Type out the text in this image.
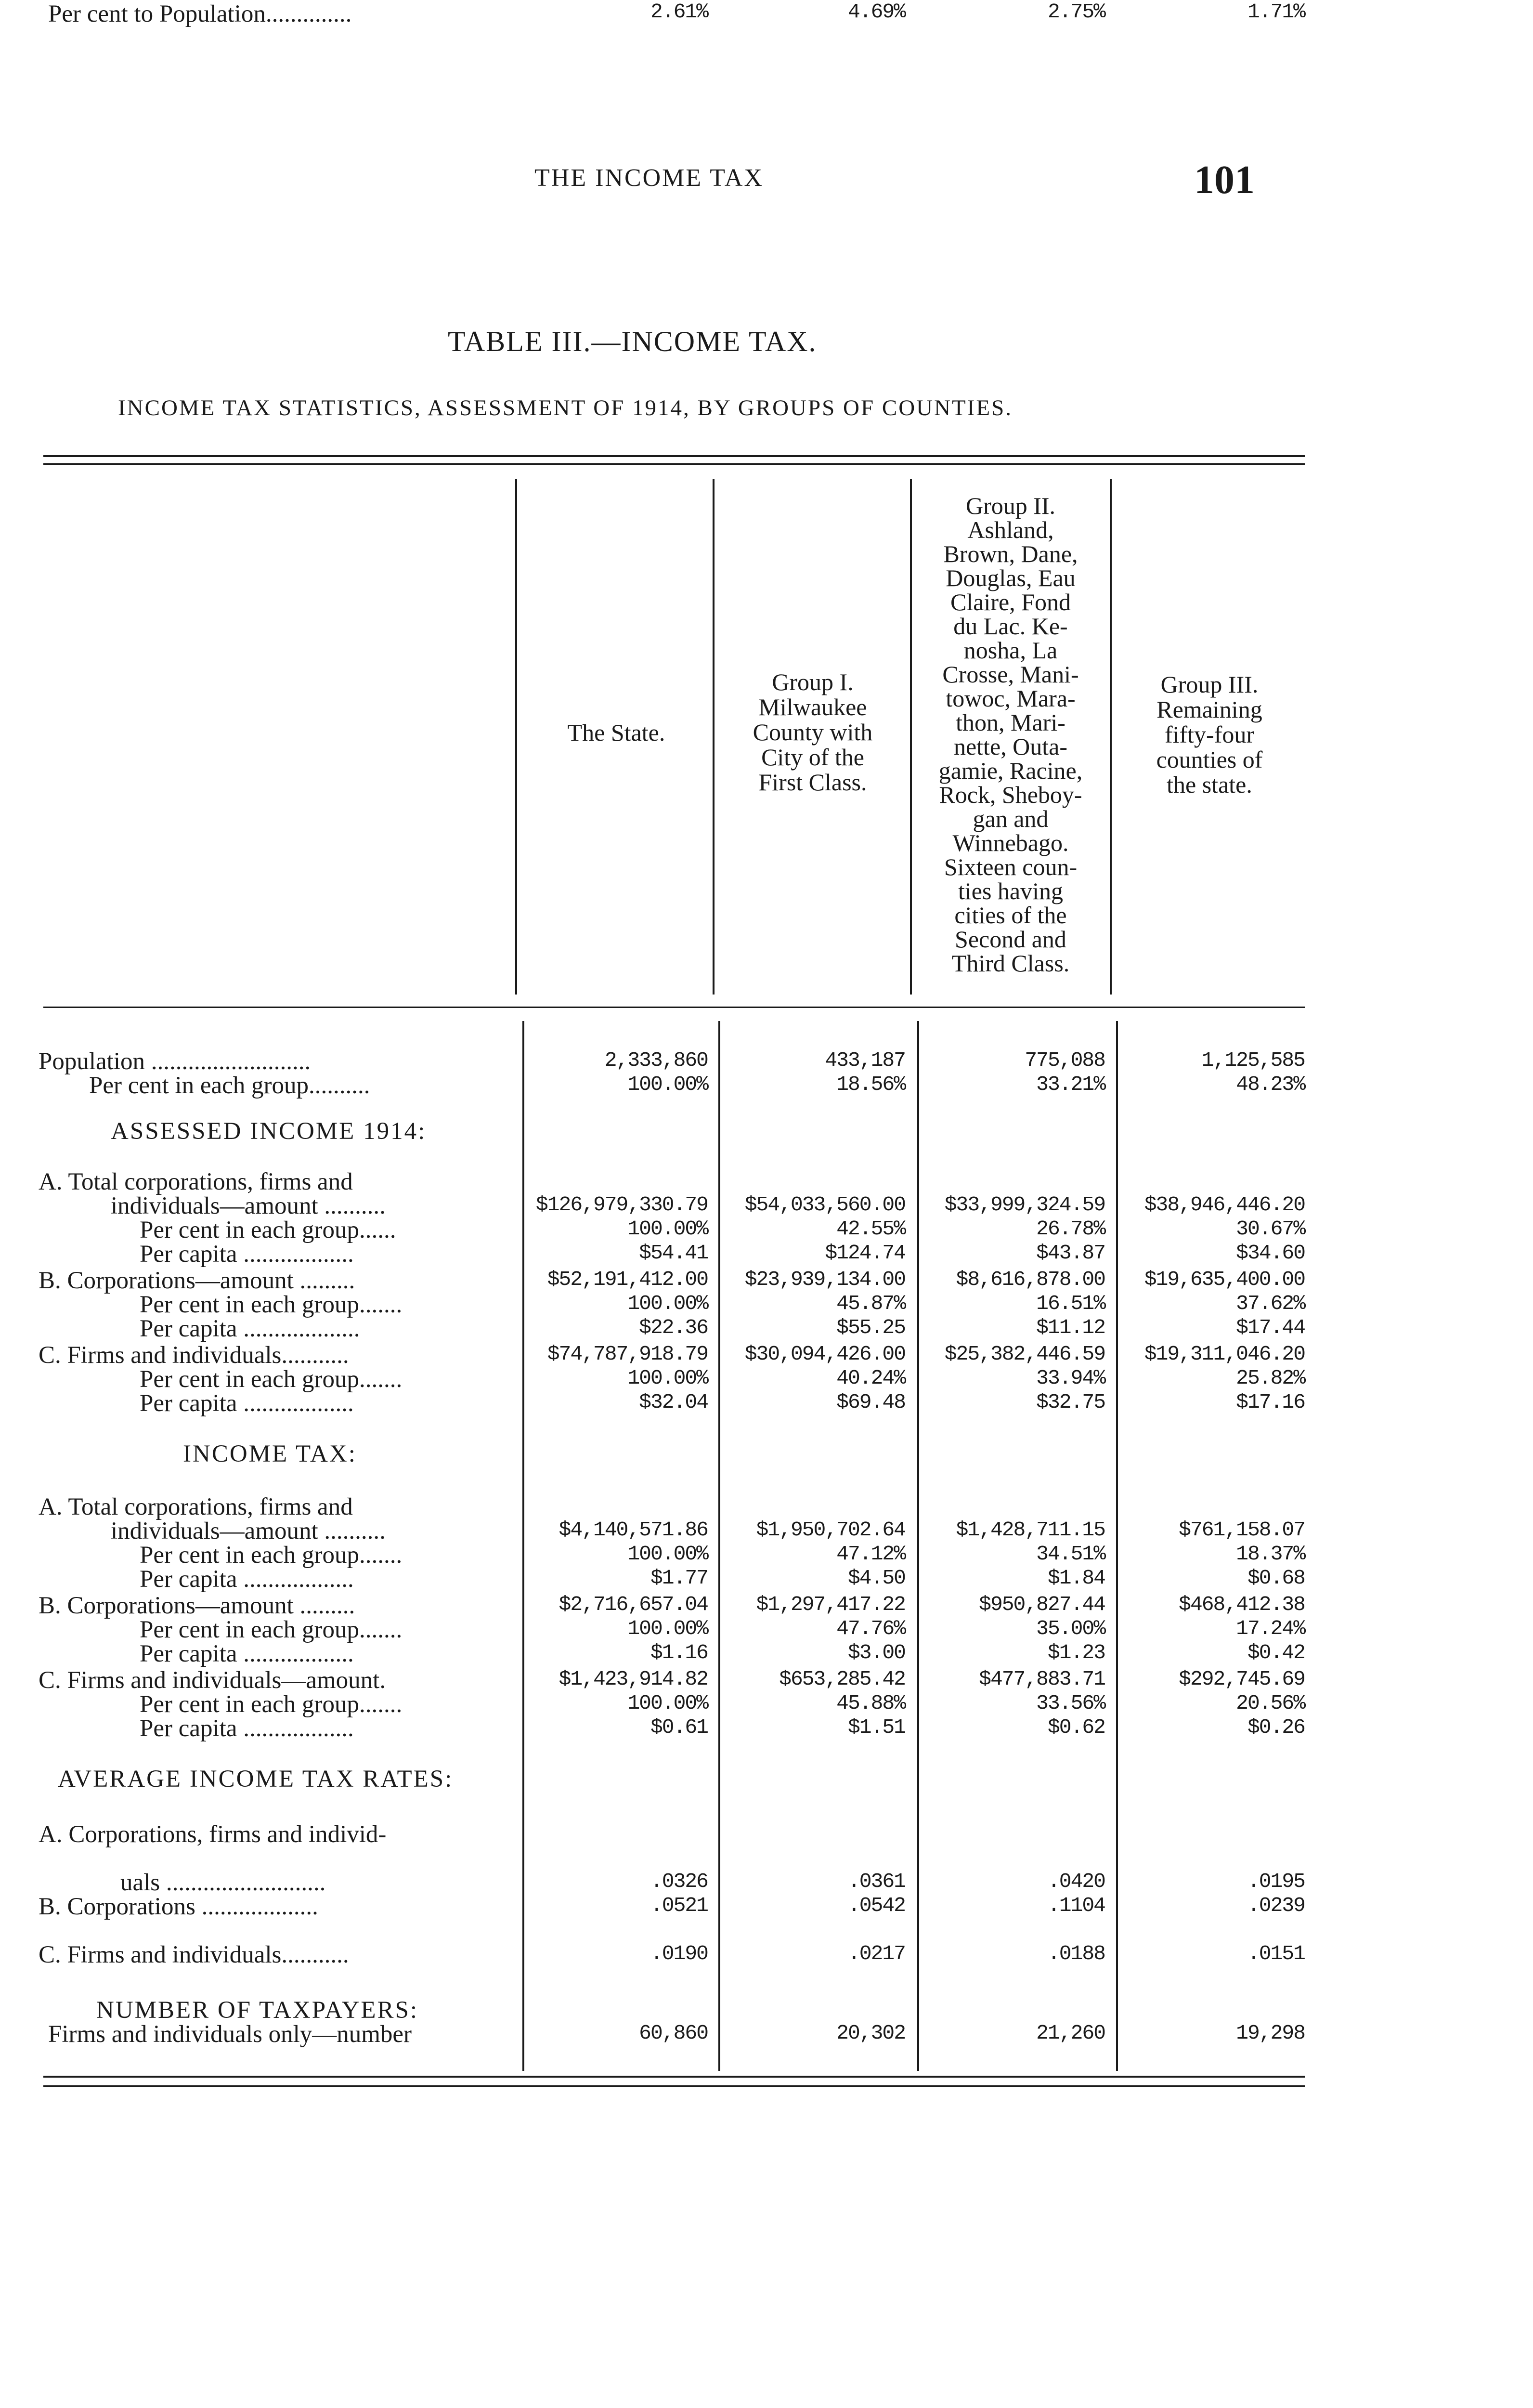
THE INCOME TAX	101
TABLE III.—INCOME TAX.
INCOME TAX STATISTICS, ASSESSMENT OF 1914, BY GROUPS OF COUNTIES.
The State.
Group I.
Milwaukee
County with
City of the
First Class.
Group II.
Ashland,
Brown, Dane,
Douglas, Eau
Claire, Fond
du Lac. Ke-
nosha, La
Crosse, Mani-
towoc, Mara-
thon, Mari-
nette, Outa-
gamie, Racine,
Rock, Sheboy-
gan and
Winnebago.
Sixteen coun-
ties having
cities of the
Second and
Third Class.
Group III.
Remaining
fifty-four
counties of
the state.
Population ..........................	2,333,860	433,187	775,088	1,125,585
Per cent in each group..........	100.00%	18.56%	33.21%	48.23%
ASSESSED INCOME 1914:
A. Total corporations, firms and
individuals—amount ..........	$126,979,330.79 $54,033,560.00 $33,999,324.59 $38,946,446.20
Per cent in each group......	100.00%	42.55%	26.78%	30.67%
Per capita ..................	$54.41	$124.74	$43.87	$34.60
B. Corporations—amount .........	$52,191,412.00 $23,939,134.00 $8,616,878.00 $19,635,400.00
Per cent in each group.......	100.00%	45.87%	16.51%	37.62%
Per capita ...................	$22.36	$55.25	$11.12	$17.44
C. Firms and individuals...........	$74,787,918.79 $30,094,426.00 $25,382,446.59 $19,311,046.20
Per cent in each group.......	100.00%	40.24%	33.94%	25.82%
Per capita ..................	$32.04	$69.48	$32.75	$17.16
INCOME TAX:
A. Total corporations, firms and
individuals—amount ..........	$4,140,571.86 $1,950,702.64 $1,428,711.15	$761,158.07
Per cent in each group.......	100.00%	47.12%	34.51%	18.37%
Per capita ..................	$1.77	$4.50	$1.84	$0.68
B. Corporations—amount .........	$2,716,657.04 $1,297,417.22	$950,827.44	$468,412.38
Per cent in each group.......	100.00%	47.76%	35.00%	17.24%
Per capita ..................	$1.16	$3.00	$1.23	$0.42
C. Firms and individuals—amount.	$1,423,914.82	$653,285.42	$477,883.71	$292,745.69
Per cent in each group.......	100.00%	45.88%	33.56%	20.56%
Per capita ..................	$0.61	$1.51	$0.62	$0.26
AVERAGE INCOME TAX RATES:
A. Corporations, firms and individ-
uals ..........................	.0326	.0361	.0420	.0195
B. Corporations ...................	.0521	.0542	.1104	.0239
C. Firms and individuals...........	.0190	.0217	.0188	.0151
NUMBER OF TAXPAYERS:
Firms and individuals only—number	60,860	20,302	21,260	19,298
Per cent to Population..............	2.61%	4.69%	2.75%	1.71%
